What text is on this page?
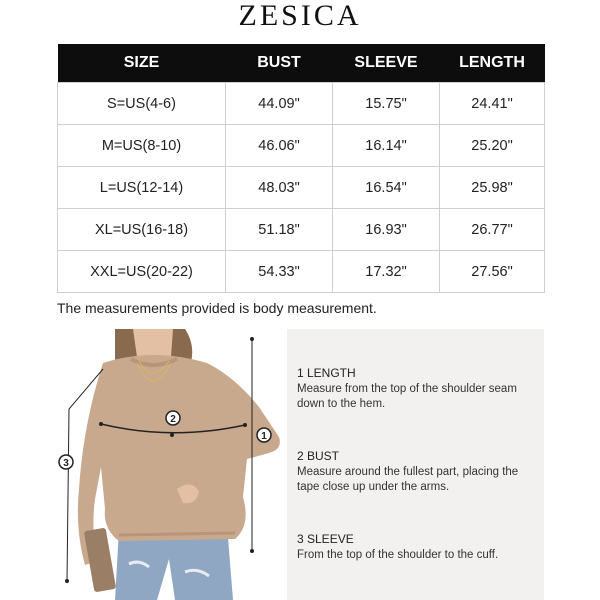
ZESICA
SIZE	BUST	SLEEVE	LENGTH
S=US(4-6)	44.09"	15.75"	24.41"
M=US(8-10)	46.06"	16.14"	25.20"
L=US(12-14)	48.03"	16.54"	25.98"
XL=US(16-18)	51.18"	16.93"	26.77"
XXL=US(20-22)	54.33"	17.32"	27.56"
The measurements provided is body measurement.
1
2
3
1 LENGTH
Measure from the top of the shoulder seam down to the hem.
2 BUST
Measure around the fullest part, placing the tape close up under the arms.
3 SLEEVE
From the top of the shoulder to the cuff.
